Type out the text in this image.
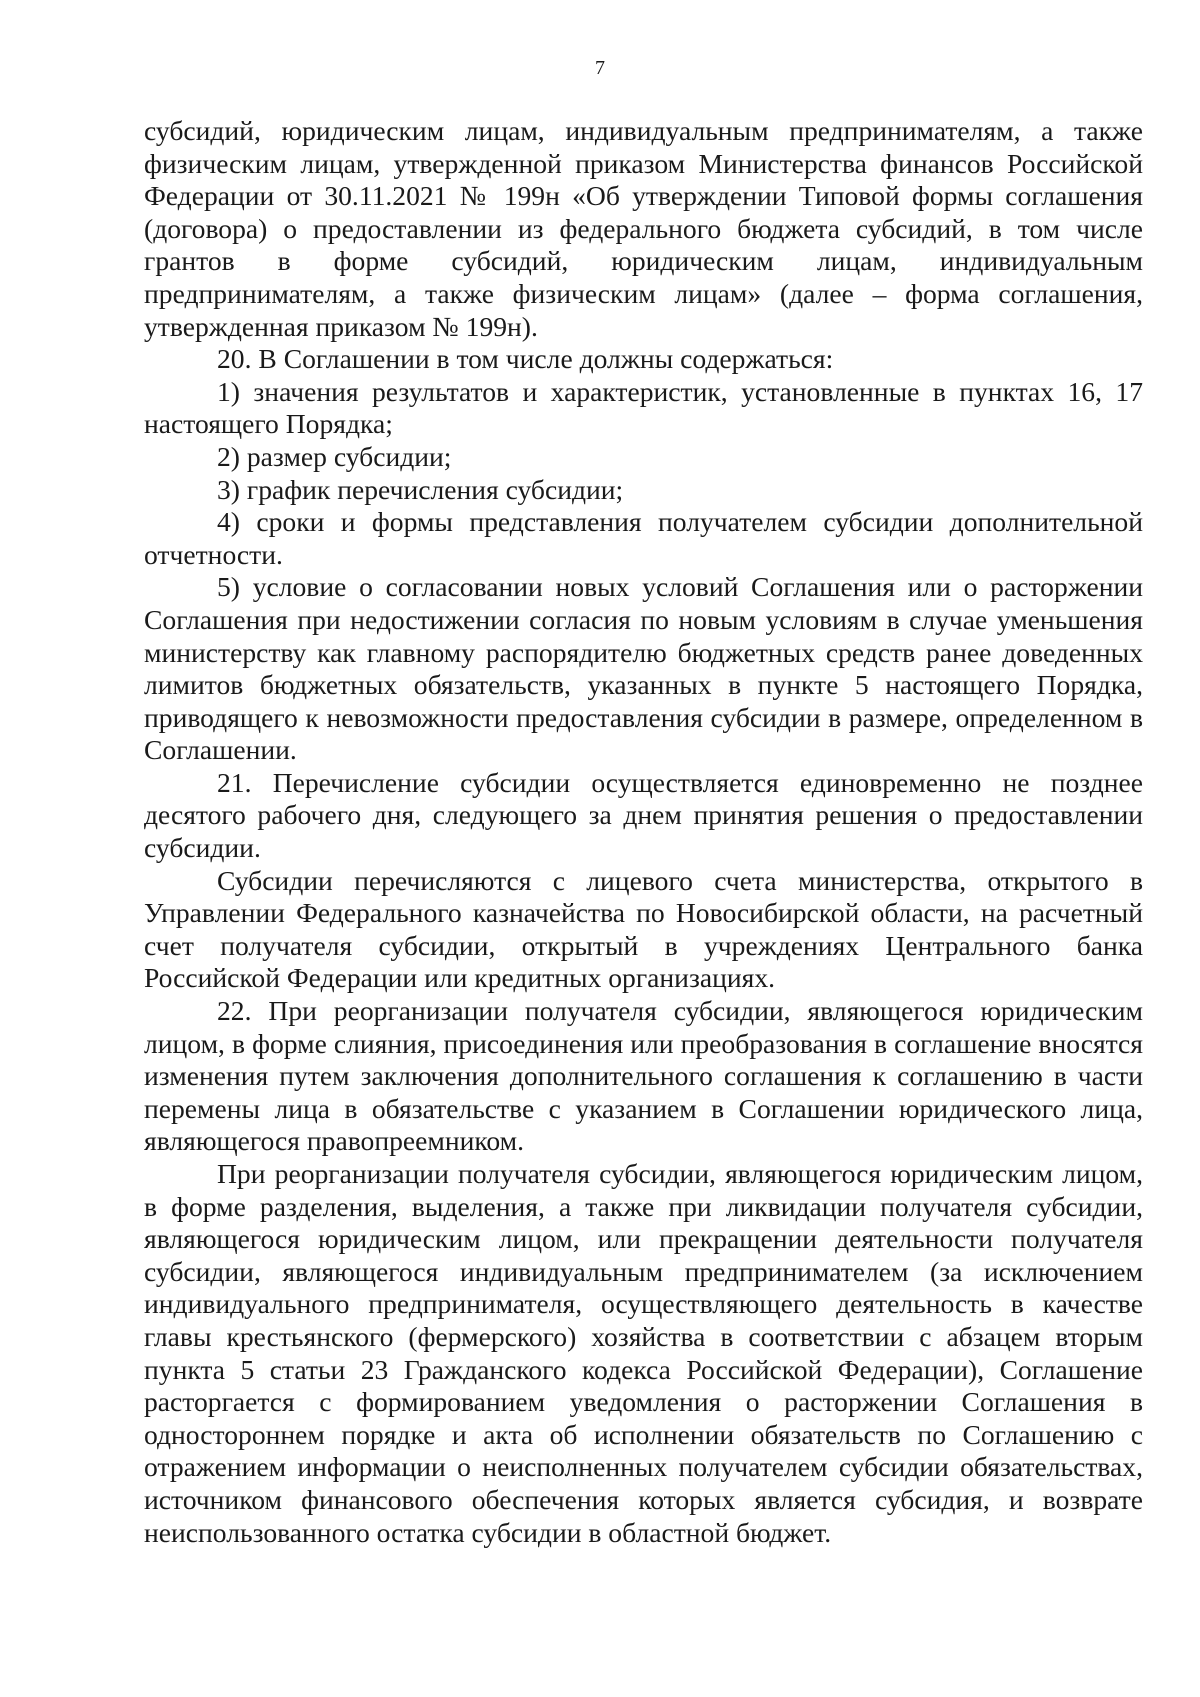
7

субсидий, юридическим лицам, индивидуальным предпринимателям, а также физическим лицам, утвержденной приказом Министерства финансов Российской Федерации от 30.11.2021 № 199н «Об утверждении Типовой формы соглашения (договора) о предоставлении из федерального бюджета субсидий, в том числе грантов в форме субсидий, юридическим лицам, индивидуальным предпринимателям, а также физическим лицам» (далее – форма соглашения, утвержденная приказом № 199н).

20. В Соглашении в том числе должны содержаться:

1) значения результатов и характеристик, установленные в пунктах 16, 17 настоящего Порядка;

2) размер субсидии;

3) график перечисления субсидии;

4) сроки и формы представления получателем субсидии дополнительной отчетности.

5) условие о согласовании новых условий Соглашения или о расторжении Соглашения при недостижении согласия по новым условиям в случае уменьшения министерству как главному распорядителю бюджетных средств ранее доведенных лимитов бюджетных обязательств, указанных в пункте 5 настоящего Порядка, приводящего к невозможности предоставления субсидии в размере, определенном в Соглашении.

21. Перечисление субсидии осуществляется единовременно не позднее десятого рабочего дня, следующего за днем принятия решения о предоставлении субсидии.

Субсидии перечисляются с лицевого счета министерства, открытого в Управлении Федерального казначейства по Новосибирской области, на расчетный счет получателя субсидии, открытый в учреждениях Центрального банка Российской Федерации или кредитных организациях.

22. При реорганизации получателя субсидии, являющегося юридическим лицом, в форме слияния, присоединения или преобразования в соглашение вносятся изменения путем заключения дополнительного соглашения к соглашению в части перемены лица в обязательстве с указанием в Соглашении юридического лица, являющегося правопреемником.

При реорганизации получателя субсидии, являющегося юридическим лицом, в форме разделения, выделения, а также при ликвидации получателя субсидии, являющегося юридическим лицом, или прекращении деятельности получателя субсидии, являющегося индивидуальным предпринимателем (за исключением индивидуального предпринимателя, осуществляющего деятельность в качестве главы крестьянского (фермерского) хозяйства в соответствии с абзацем вторым пункта 5 статьи 23 Гражданского кодекса Российской Федерации), Соглашение расторгается с формированием уведомления о расторжении Соглашения в одностороннем порядке и акта об исполнении обязательств по Соглашению с отражением информации о неисполненных получателем субсидии обязательствах, источником финансового обеспечения которых является субсидия, и возврате неиспользованного остатка субсидии в областной бюджет.
